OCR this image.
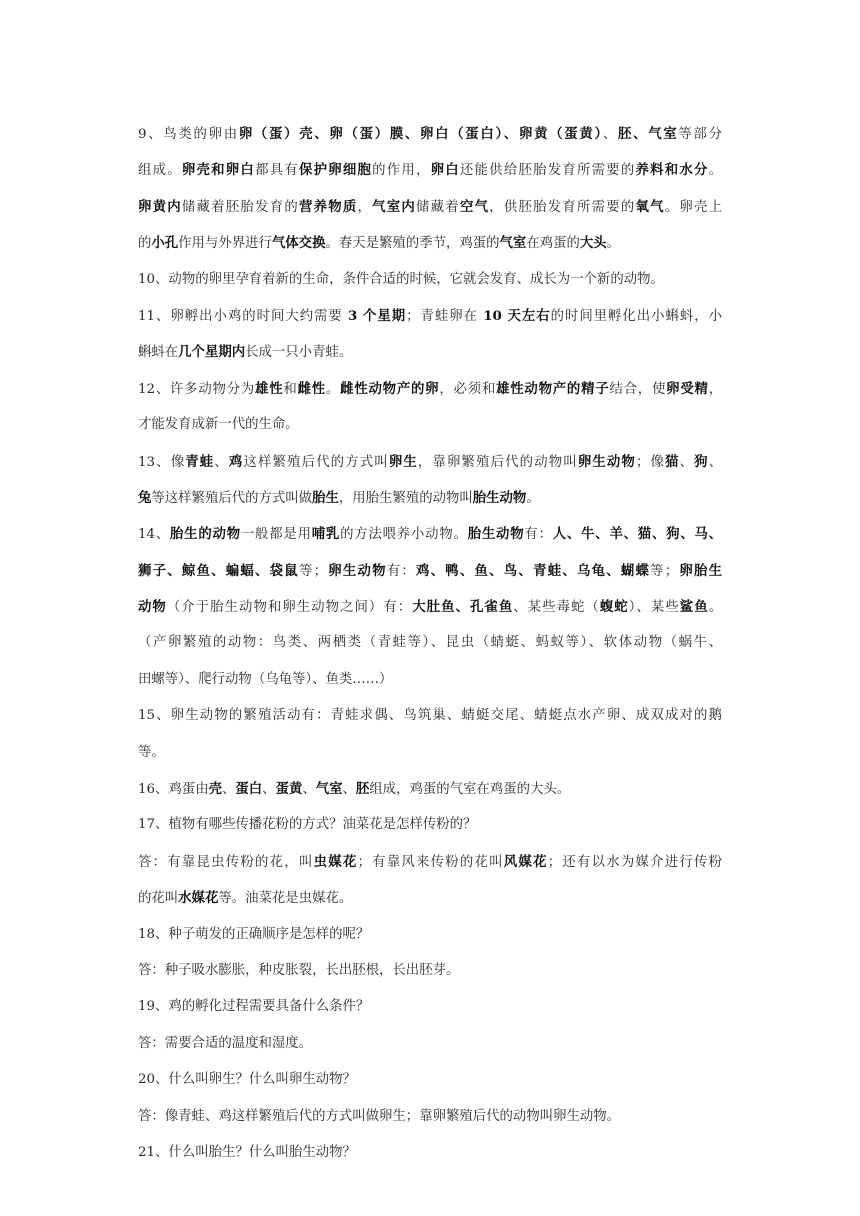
9、鸟类的卵由卵（蛋）壳、卵（蛋）膜、卵白（蛋白）、卵黄（蛋黄）、胚、气室等部分
组成。卵壳和卵白都具有保护卵细胞的作用，卵白还能供给胚胎发育所需要的养料和水分。
卵黄内储藏着胚胎发育的营养物质，气室内储藏着空气，供胚胎发育所需要的氧气。卵壳上
的小孔作用与外界进行气体交换。春天是繁殖的季节，鸡蛋的气室在鸡蛋的大头。
10、动物的卵里孕育着新的生命，条件合适的时候，它就会发育、成长为一个新的动物。
11、卵孵出小鸡的时间大约需要 3 个星期；青蛙卵在 10 天左右的时间里孵化出小蝌蚪，小
蝌蚪在几个星期内长成一只小青蛙。
12、许多动物分为雄性和雌性。雌性动物产的卵，必须和雄性动物产的精子结合，使卵受精，
才能发育成新一代的生命。
13、像青蛙、鸡这样繁殖后代的方式叫卵生，靠卵繁殖后代的动物叫卵生动物；像猫、狗、
兔等这样繁殖后代的方式叫做胎生，用胎生繁殖的动物叫胎生动物。
14、胎生的动物一般都是用哺乳的方法喂养小动物。胎生动物有：人、牛、羊、猫、狗、马、
狮子、鲸鱼、蝙蝠、袋鼠等；卵生动物有：鸡、鸭、鱼、鸟、青蛙、乌龟、蝴蝶等；卵胎生
动物（介于胎生动物和卵生动物之间）有：大肚鱼、孔雀鱼、某些毒蛇（蝮蛇）、某些鲨鱼。
（产卵繁殖的动物：鸟类、两栖类（青蛙等）、昆虫（蜻蜓、蚂蚁等）、软体动物（蜗牛、
田螺等）、爬行动物（乌龟等）、鱼类……）
15、卵生动物的繁殖活动有：青蛙求偶、鸟筑巢、蜻蜓交尾、蜻蜓点水产卵、成双成对的鹅
等。
16、鸡蛋由壳、蛋白、蛋黄、气室、胚组成，鸡蛋的气室在鸡蛋的大头。
17、植物有哪些传播花粉的方式？油菜花是怎样传粉的？
答：有靠昆虫传粉的花，叫虫媒花；有靠风来传粉的花叫风媒花；还有以水为媒介进行传粉
的花叫水媒花等。油菜花是虫媒花。
18、种子萌发的正确顺序是怎样的呢？
答：种子吸水膨胀，种皮胀裂，长出胚根，长出胚芽。
19、鸡的孵化过程需要具备什么条件？
答：需要合适的温度和湿度。
20、什么叫卵生？什么叫卵生动物？
答：像青蛙、鸡这样繁殖后代的方式叫做卵生；靠卵繁殖后代的动物叫卵生动物。
21、什么叫胎生？什么叫胎生动物？
